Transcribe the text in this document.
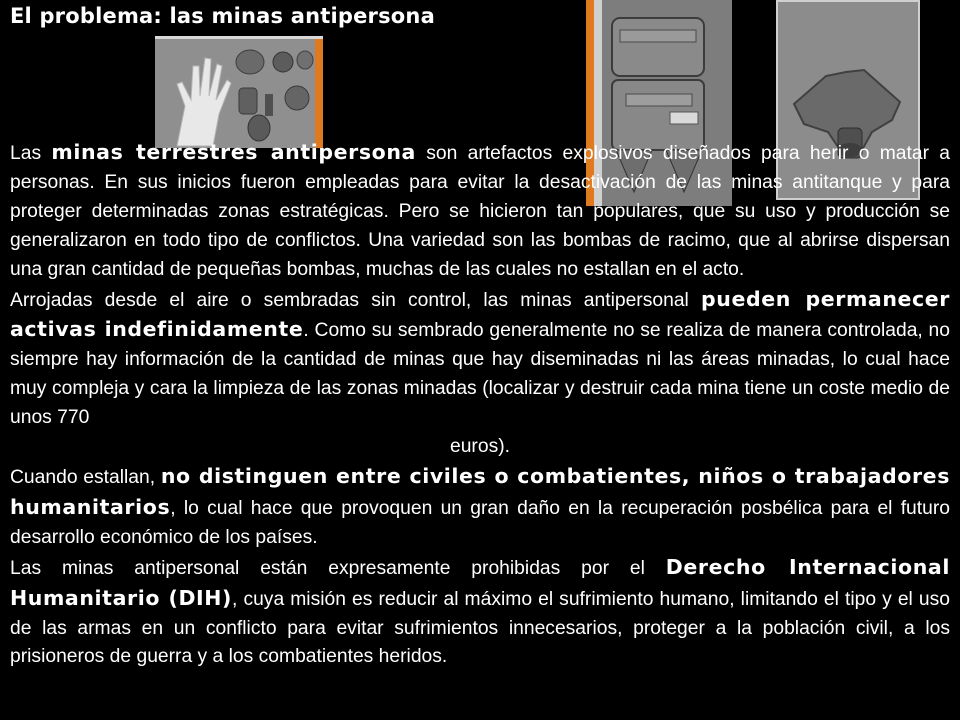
El problema: las minas antipersona

Las minas terrestres antipersona son artefactos explosivos diseñados para herir o matar a personas. En sus inicios fueron empleadas para evitar la desactivación de las minas antitanque y para proteger determinadas zonas estratégicas. Pero se hicieron tan populares, que su uso y producción se generalizaron en todo tipo de conflictos. Una variedad son las bombas de racimo, que al abrirse dispersan una gran cantidad de pequeñas bombas, muchas de las cuales no estallan en el acto.

Arrojadas desde el aire o sembradas sin control, las minas antipersonal pueden permanecer activas indefinidamente. Como su sembrado generalmente no se realiza de manera controlada, no siempre hay información de la cantidad de minas que hay diseminadas ni las áreas minadas, lo cual hace muy compleja y cara la limpieza de las zonas minadas (localizar y destruir cada mina tiene un coste medio de unos 770

euros).

Cuando estallan, no distinguen entre civiles o combatientes, niños o trabajadores humanitarios, lo cual hace que provoquen un gran daño en la recuperación posbélica para el futuro desarrollo económico de los países.

Las minas antipersonal están expresamente prohibidas por el Derecho Internacional Humanitario (DIH), cuya misión es reducir al máximo el sufrimiento humano, limitando el tipo y el uso de las armas en un conflicto para evitar sufrimientos innecesarios, proteger a la población civil, a los prisioneros de guerra y a los combatientes heridos.
